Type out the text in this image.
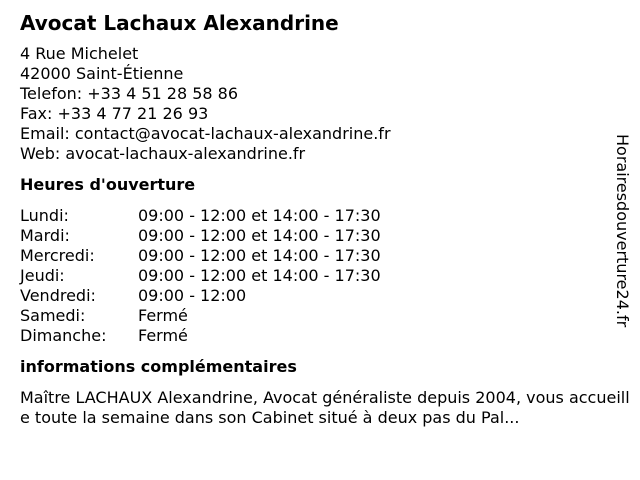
Avocat Lachaux Alexandrine
4 Rue Michelet
42000 Saint-Étienne
Telefon: +33 4 51 28 58 86
Fax: +33 4 77 21 26 93
Email: contact@avocat-lachaux-alexandrine.fr
Web: avocat-lachaux-alexandrine.fr
Heures d'ouverture
Lundi:	09:00 - 12:00 et 14:00 - 17:30
Mardi:	09:00 - 12:00 et 14:00 - 17:30
Mercredi:	09:00 - 12:00 et 14:00 - 17:30
Jeudi:	09:00 - 12:00 et 14:00 - 17:30
Vendredi:	09:00 - 12:00
Samedi:	Fermé
Dimanche:	Fermé
informations complémentaires
Maître LACHAUX Alexandrine, Avocat généraliste depuis 2004, vous accueille toute la semaine dans son Cabinet situé à deux pas du Pal...
Horairesdouverture24.fr
